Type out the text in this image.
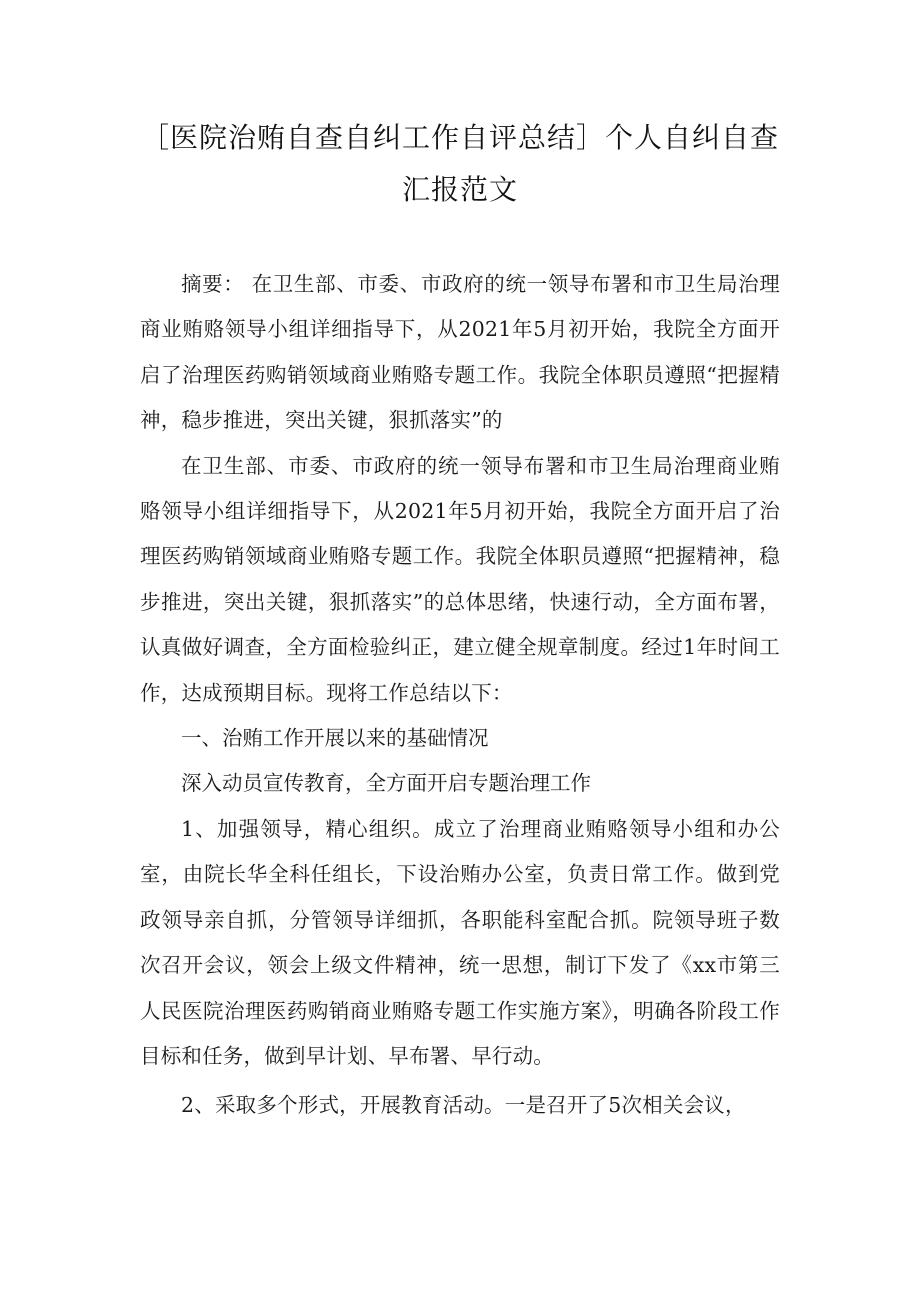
［医院治贿自查自纠工作自评总结］个人自纠自查汇报范文

摘要： 在卫生部、市委、市政府的统一领导布署和市卫生局治理商业贿赂领导小组详细指导下，从2021年5月初开始，我院全方面开启了治理医药购销领域商业贿赂专题工作。我院全体职员遵照“把握精神，稳步推进，突出关键，狠抓落实”的

在卫生部、市委、市政府的统一领导布署和市卫生局治理商业贿赂领导小组详细指导下，从2021年5月初开始，我院全方面开启了治理医药购销领域商业贿赂专题工作。我院全体职员遵照“把握精神，稳步推进，突出关键，狠抓落实”的总体思绪，快速行动，全方面布署，认真做好调查，全方面检验纠正，建立健全规章制度。经过1年时间工作，达成预期目标。现将工作总结以下：

一、治贿工作开展以来的基础情况

深入动员宣传教育，全方面开启专题治理工作

1、加强领导，精心组织。成立了治理商业贿赂领导小组和办公室，由院长华全科任组长，下设治贿办公室，负责日常工作。做到党政领导亲自抓，分管领导详细抓，各职能科室配合抓。院领导班子数次召开会议，领会上级文件精神，统一思想，制订下发了《xx市第三人民医院治理医药购销商业贿赂专题工作实施方案》，明确各阶段工作目标和任务，做到早计划、早布署、早行动。

2、采取多个形式，开展教育活动。一是召开了5次相关会议，
